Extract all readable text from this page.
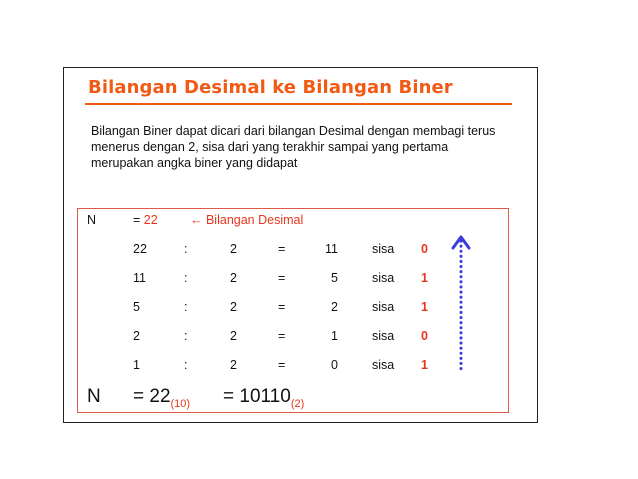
Bilangan Desimal ke Bilangan Biner

Bilangan Biner dapat dicari dari bilangan Desimal dengan membagi terus menerus dengan 2, sisa dari yang terakhir sampai yang pertama merupakan angka biner yang didapat

N	= 22	← Bilangan Desimal
22	:	2	=	11	sisa 0
11	:	2	=	5	sisa 1
5	:	2	=	2	sisa 1
2	:	2	=	1	sisa 0
1	:	2	=	0	sisa 1
$N = 22_{(10)} = 10110_{(2)}$
